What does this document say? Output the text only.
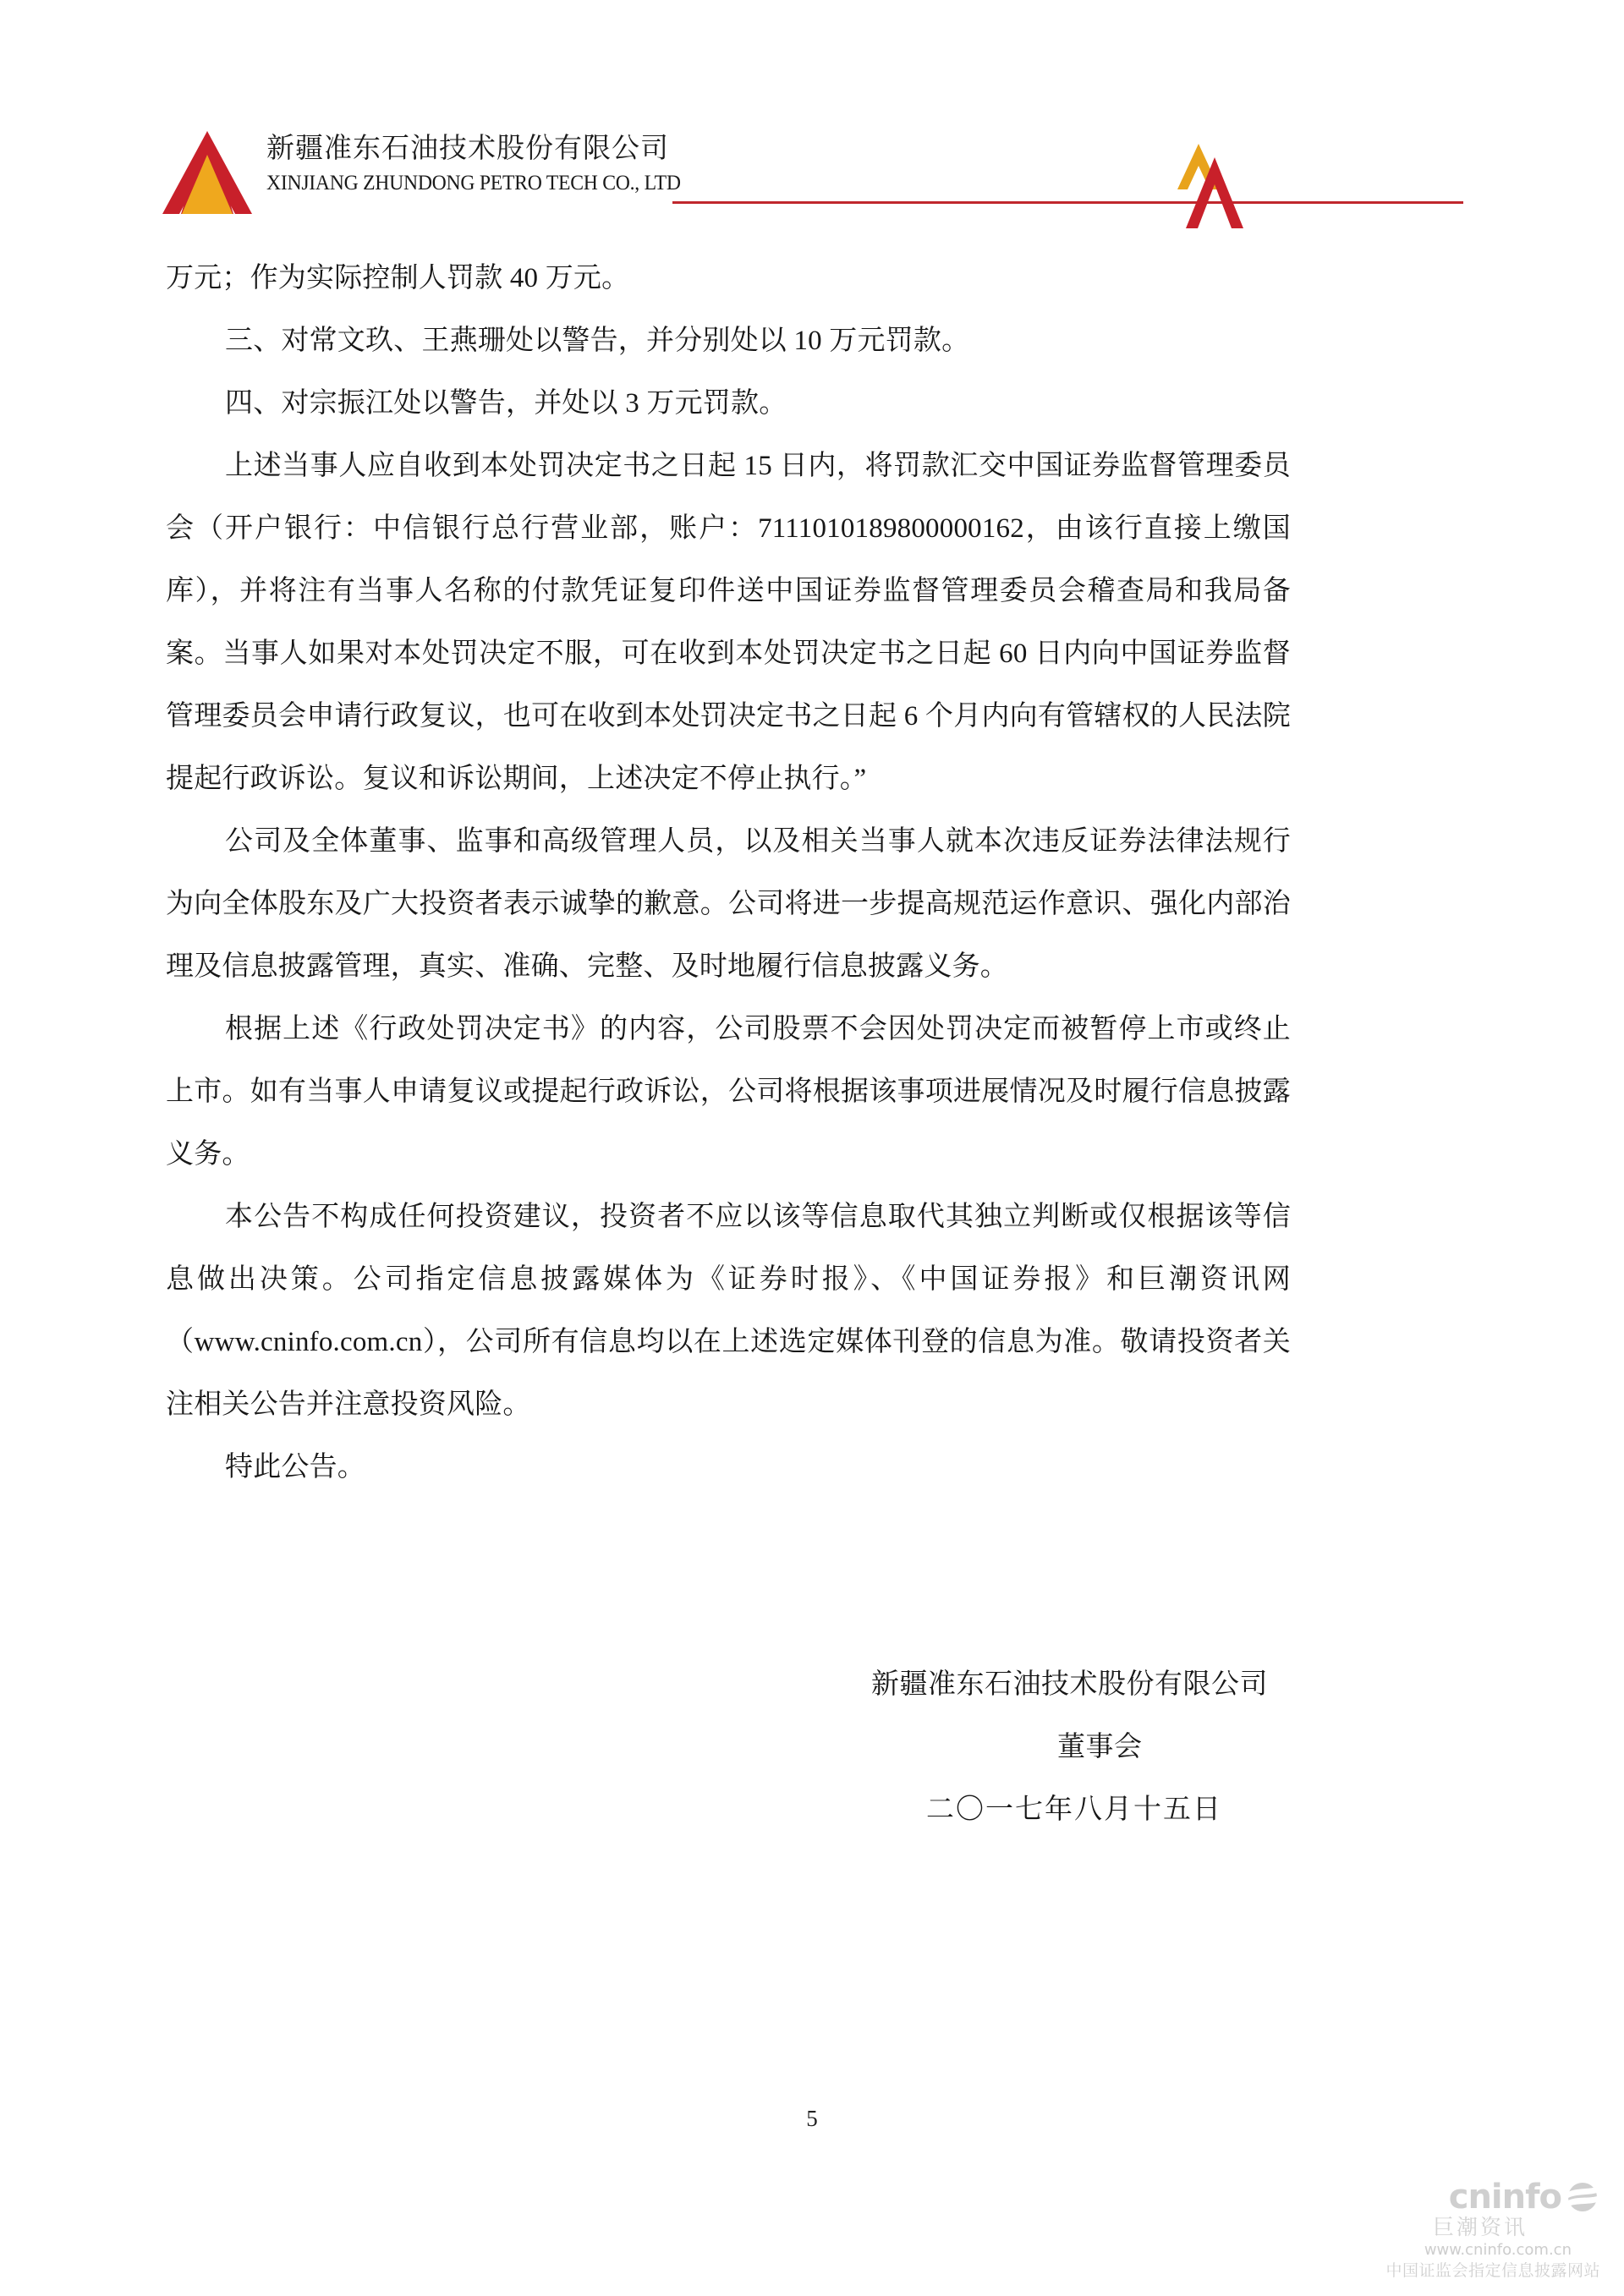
新疆准东石油技术股份有限公司
XINJIANG ZHUNDONG PETRO TECH CO., LTD

万元；作为实际控制人罚款 40 万元。

三、对常文玖、王燕珊处以警告，并分别处以 10 万元罚款。

四、对宗振江处以警告，并处以 3 万元罚款。

上述当事人应自收到本处罚决定书之日起 15 日内，将罚款汇交中国证券监督管理委员会（开户银行：中信银行总行营业部，账户：7111010189800000162，由该行直接上缴国库），并将注有当事人名称的付款凭证复印件送中国证券监督管理委员会稽查局和我局备案。当事人如果对本处罚决定不服，可在收到本处罚决定书之日起 60 日内向中国证券监督管理委员会申请行政复议，也可在收到本处罚决定书之日起 6 个月内向有管辖权的人民法院提起行政诉讼。复议和诉讼期间，上述决定不停止执行。”

公司及全体董事、监事和高级管理人员，以及相关当事人就本次违反证券法律法规行为向全体股东及广大投资者表示诚挚的歉意。公司将进一步提高规范运作意识、强化内部治理及信息披露管理，真实、准确、完整、及时地履行信息披露义务。

根据上述《行政处罚决定书》的内容，公司股票不会因处罚决定而被暂停上市或终止上市。如有当事人申请复议或提起行政诉讼，公司将根据该事项进展情况及时履行信息披露义务。

本公告不构成任何投资建议，投资者不应以该等信息取代其独立判断或仅根据该等信息做出决策。公司指定信息披露媒体为《证券时报》、《中国证券报》和巨潮资讯网（www.cninfo.com.cn），公司所有信息均以在上述选定媒体刊登的信息为准。敬请投资者关注相关公告并注意投资风险。

特此公告。

新疆准东石油技术股份有限公司
董事会
二〇一七年八月十五日
5
cninfo
巨潮资讯
www.cninfo.com.cn
中国证监会指定信息披露网站
